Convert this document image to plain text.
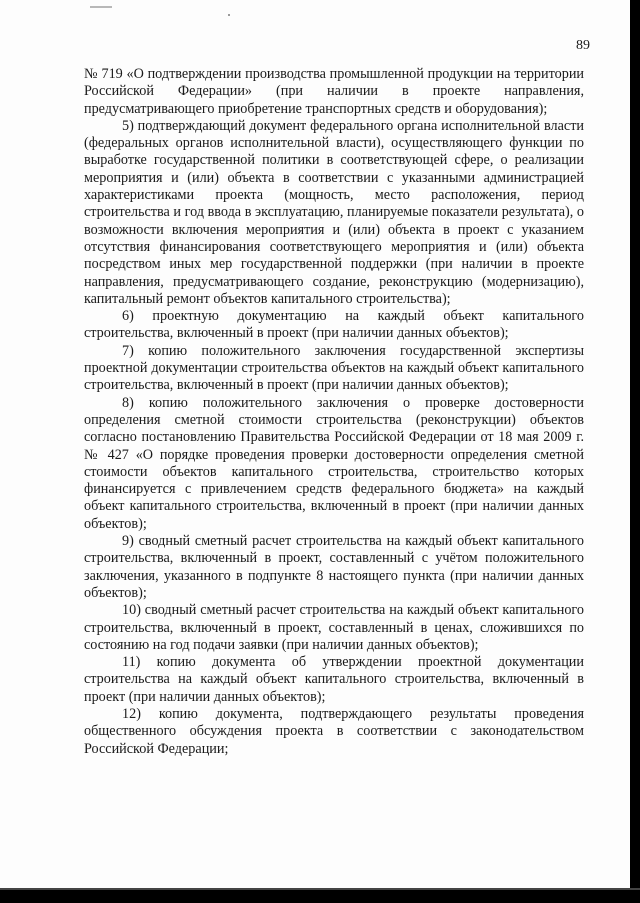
89

№ 719 «О подтверждении производства промышленной продукции на территории Российской Федерации» (при наличии в проекте направления, предусматривающего приобретение транспортных средств и оборудования);

5) подтверждающий документ федерального органа исполнительной власти (федеральных органов исполнительной власти), осуществляющего функции по выработке государственной политики в соответствующей сфере, о реализации мероприятия и (или) объекта в соответствии с указанными администрацией характеристиками проекта (мощность, место расположения, период строительства и год ввода в эксплуатацию, планируемые показатели результата), о возможности включения мероприятия и (или) объекта в проект с указанием отсутствия финансирования соответствующего мероприятия и (или) объекта посредством иных мер государственной поддержки (при наличии в проекте направления, предусматривающего создание, реконструкцию (модернизацию), капитальный ремонт объектов капитального строительства);

6) проектную документацию на каждый объект капитального строительства, включенный в проект (при наличии данных объектов);

7) копию положительного заключения государственной экспертизы проектной документации строительства объектов на каждый объект капитального строительства, включенный в проект (при наличии данных объектов);

8) копию положительного заключения о проверке достоверности определения сметной стоимости строительства (реконструкции) объектов согласно постановлению Правительства Российской Федерации от 18 мая 2009 г. № 427 «О порядке проведения проверки достоверности определения сметной стоимости объектов капитального строительства, строительство которых финансируется с привлечением средств федерального бюджета» на каждый объект капитального строительства, включенный в проект (при наличии данных объектов);

9) сводный сметный расчет строительства на каждый объект капитального строительства, включенный в проект, составленный с учётом положительного заключения, указанного в подпункте 8 настоящего пункта (при наличии данных объектов);

10) сводный сметный расчет строительства на каждый объект капитального строительства, включенный в проект, составленный в ценах, сложившихся по состоянию на год подачи заявки (при наличии данных объектов);

11) копию документа об утверждении проектной документации строительства на каждый объект капитального строительства, включенный в проект (при наличии данных объектов);

12) копию документа, подтверждающего результаты проведения общественного обсуждения проекта в соответствии с законодательством Российской Федерации;
